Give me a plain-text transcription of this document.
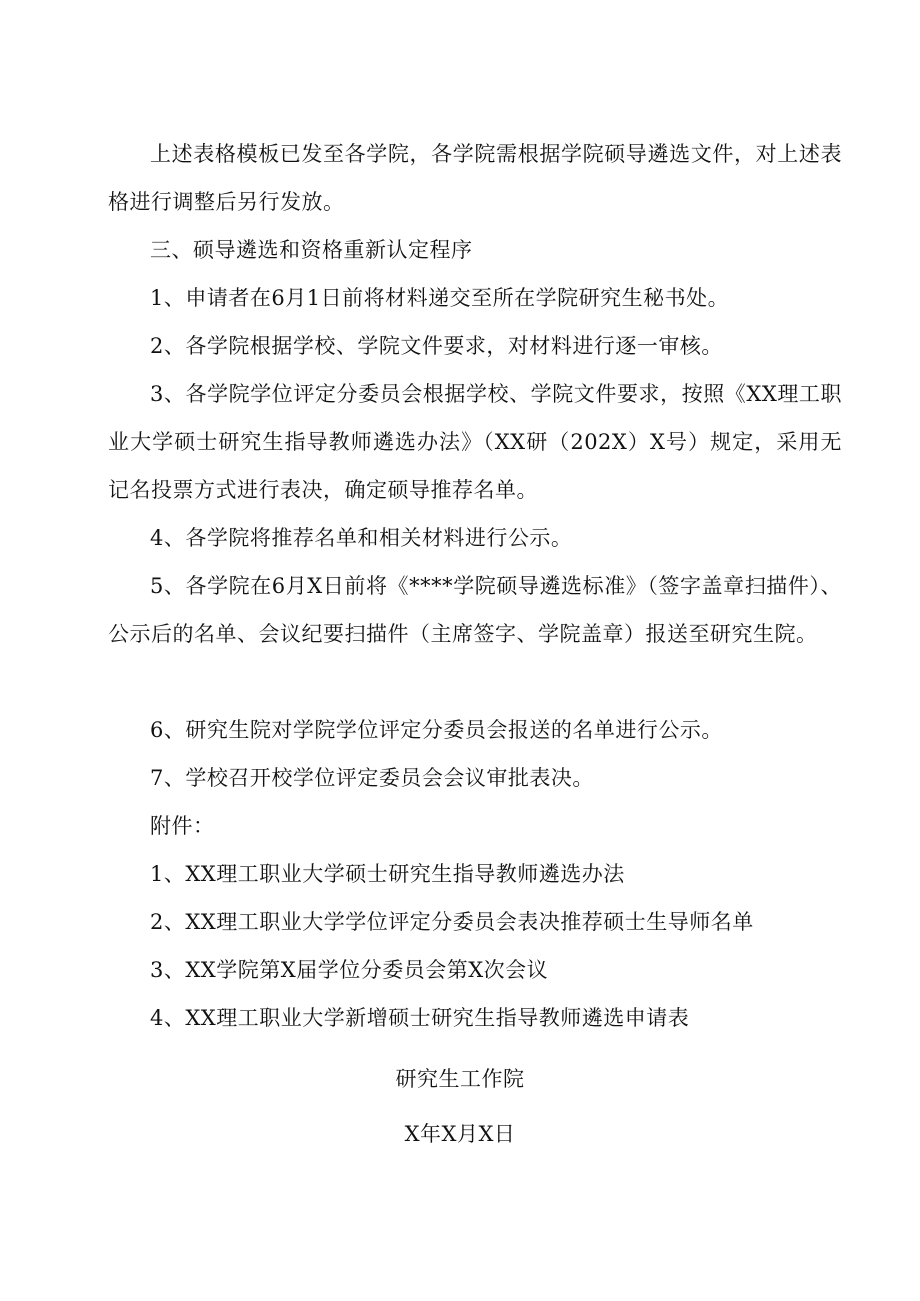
上述表格模板已发至各学院，各学院需根据学院硕导遴选文件，对上述表格进行调整后另行发放。

三、硕导遴选和资格重新认定程序

1、申请者在6月1日前将材料递交至所在学院研究生秘书处。

2、各学院根据学校、学院文件要求，对材料进行逐一审核。

3、各学院学位评定分委员会根据学校、学院文件要求，按照《XX理工职业大学硕士研究生指导教师遴选办法》（XX研（202X）X号）规定，采用无记名投票方式进行表决，确定硕导推荐名单。

4、各学院将推荐名单和相关材料进行公示。

5、各学院在6月X日前将《****学院硕导遴选标准》（签字盖章扫描件）、公示后的名单、会议纪要扫描件（主席签字、学院盖章）报送至研究生院。

6、研究生院对学院学位评定分委员会报送的名单进行公示。

7、学校召开校学位评定委员会会议审批表决。

附件：

1、XX理工职业大学硕士研究生指导教师遴选办法

2、XX理工职业大学学位评定分委员会表决推荐硕士生导师名单

3、XX学院第X届学位分委员会第X次会议

4、XX理工职业大学新增硕士研究生指导教师遴选申请表

研究生工作院

X年X月X日
